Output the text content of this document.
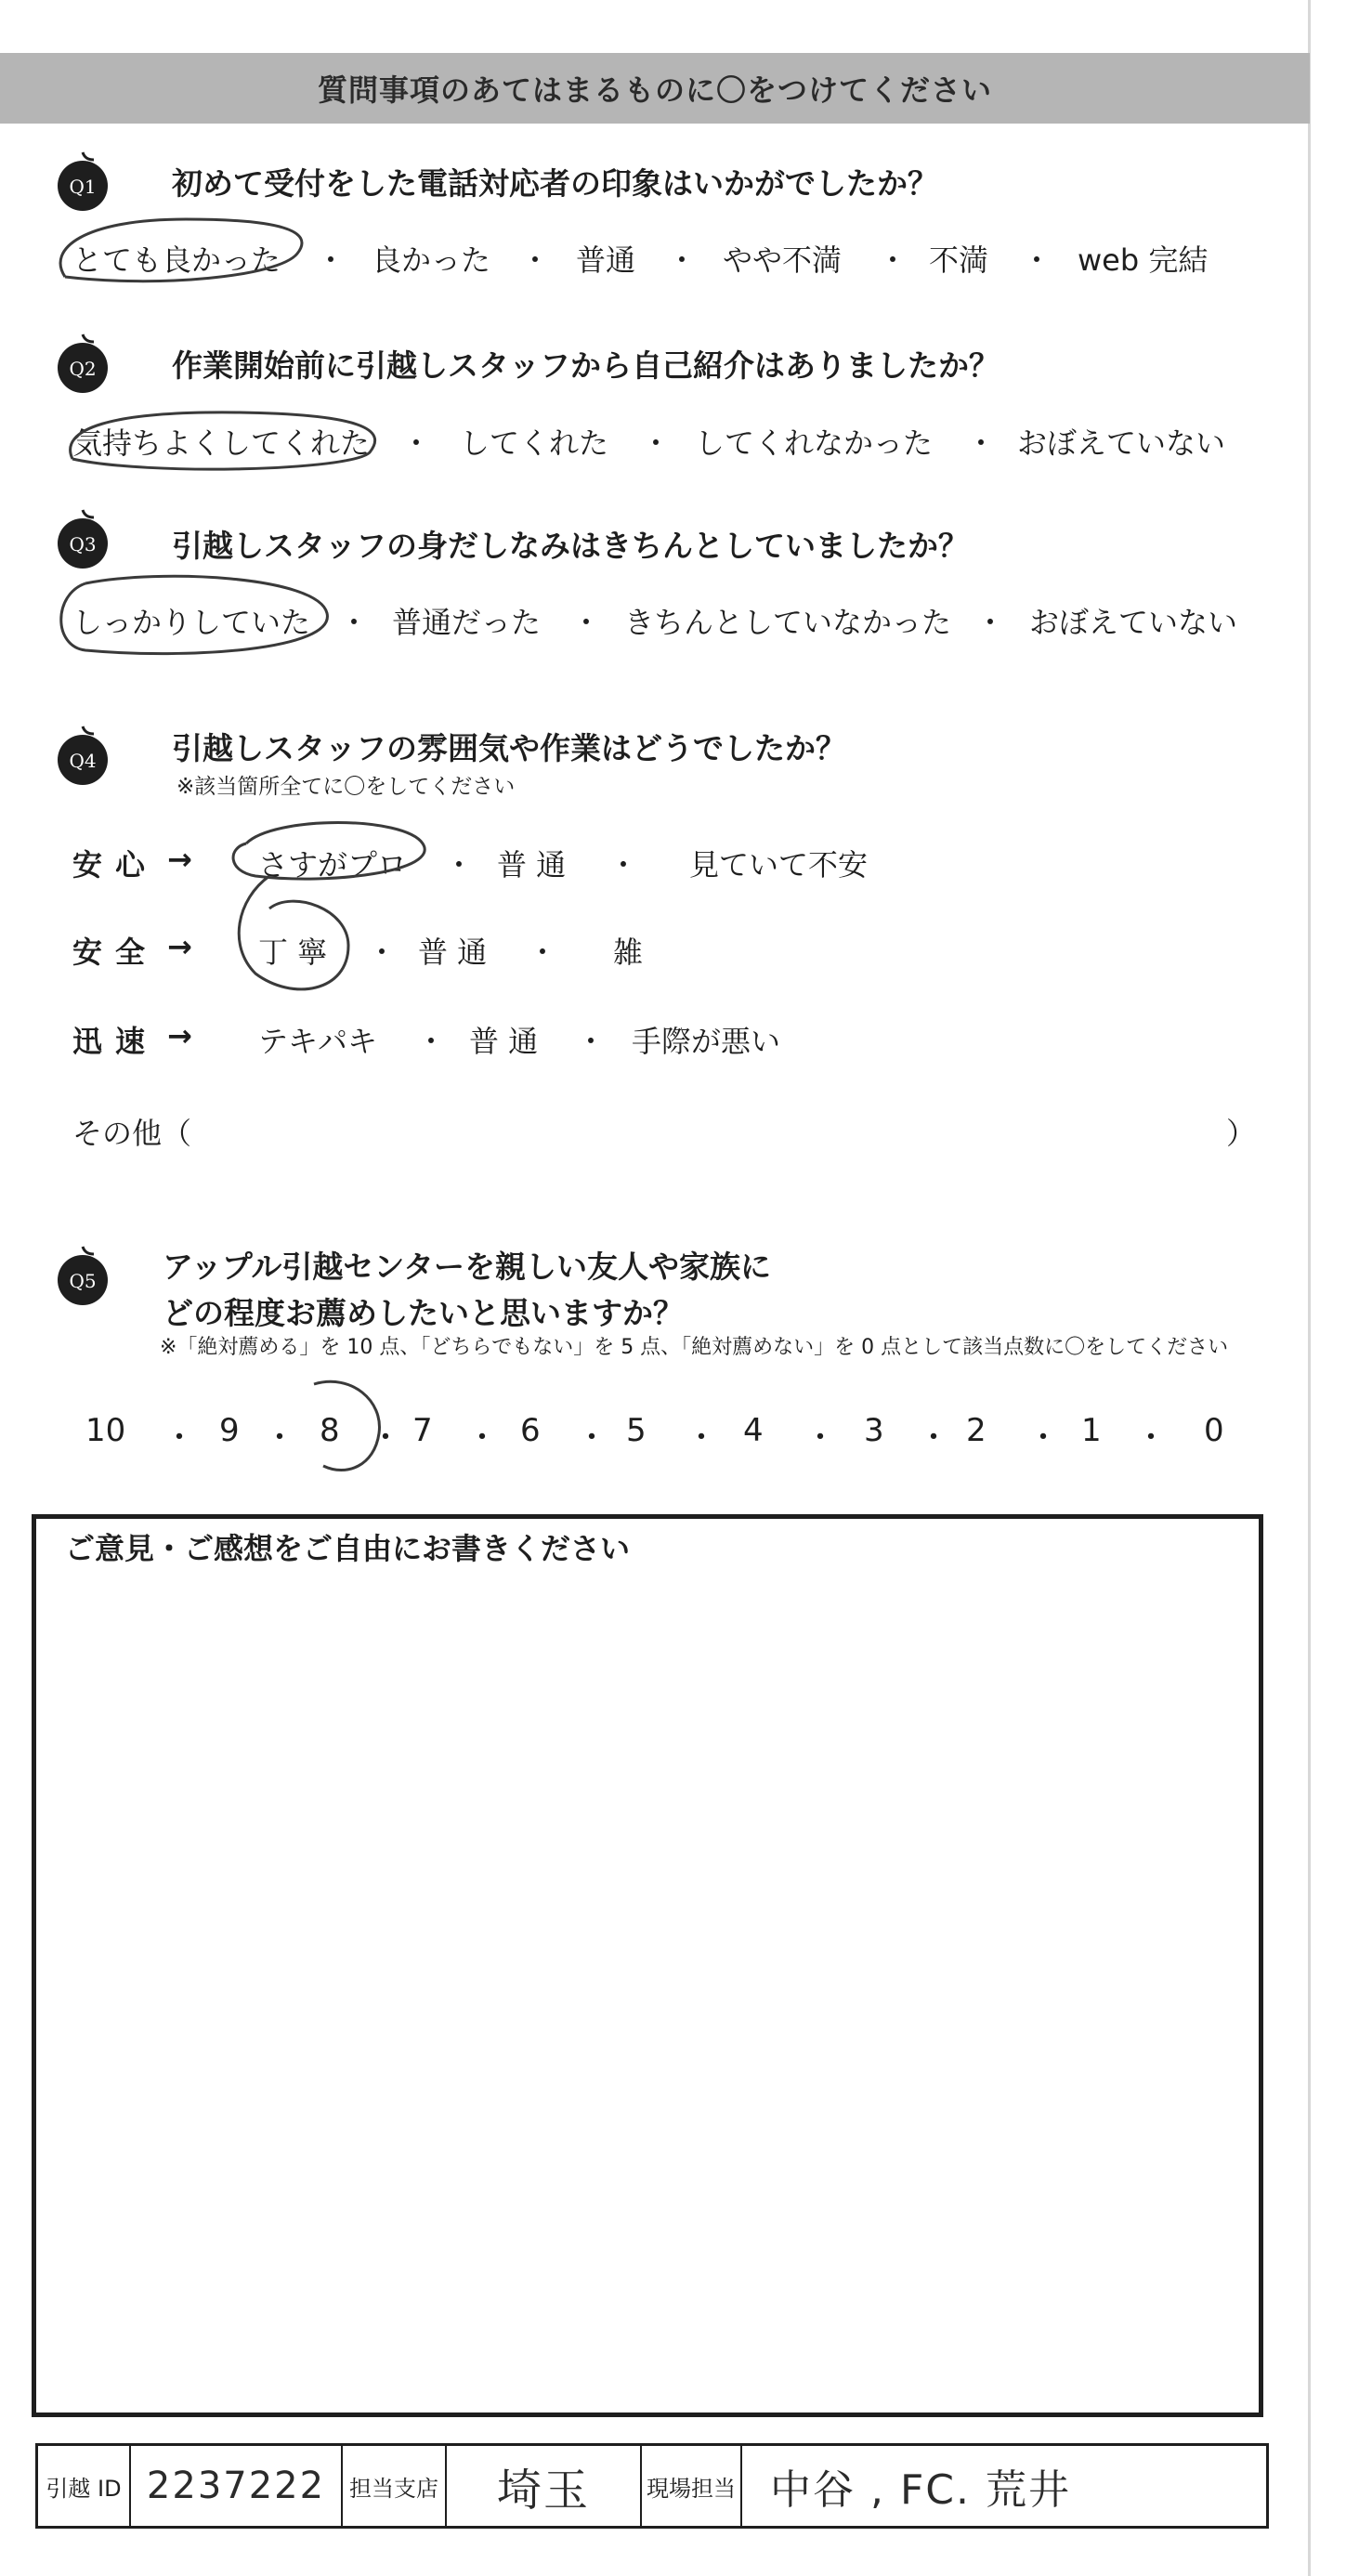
質問事項のあてはまるものに〇をつけてください
Q1 初めて受付をした電話対応者の印象はいかがでしたか？
とても良かった ・ 良かった ・ 普通 ・ やや不満 ・ 不満 ・ web 完結
Q2 作業開始前に引越しスタッフから自己紹介はありましたか？
気持ちよくしてくれた ・ してくれた ・ してくれなかった ・ おぼえていない
Q3 引越しスタッフの身だしなみはきちんとしていましたか？
しっかりしていた ・ 普通だった ・ きちんとしていなかった ・ おぼえていない
Q4 引越しスタッフの雰囲気や作業はどうでしたか？
※該当箇所全てに〇をしてください
安心 → さすがプロ ・ 普 通 ・ 見ていて不安
安全 → 丁 寧 ・ 普 通 ・ 雑
迅速 → テキパキ ・ 普 通 ・ 手際が悪い
その他（	）
Q5 アップル引越センターを親しい友人や家族に
どの程度お薦めしたいと思いますか？
※「絶対薦める」を 10 点、「どちらでもない」を 5 点、「絶対薦めない」を 0 点として該当点数に〇をしてください
10 ・ 9 ・ 8 ・ 7 ・ 6 ・ 5 ・ 4 ・ 3 ・ 2 ・ 1 ・ 0
ご意見・ご感想をご自由にお書きください
引越 ID 2237222	担当支店	埼玉	現場担当 中谷 , FC. 荒井
